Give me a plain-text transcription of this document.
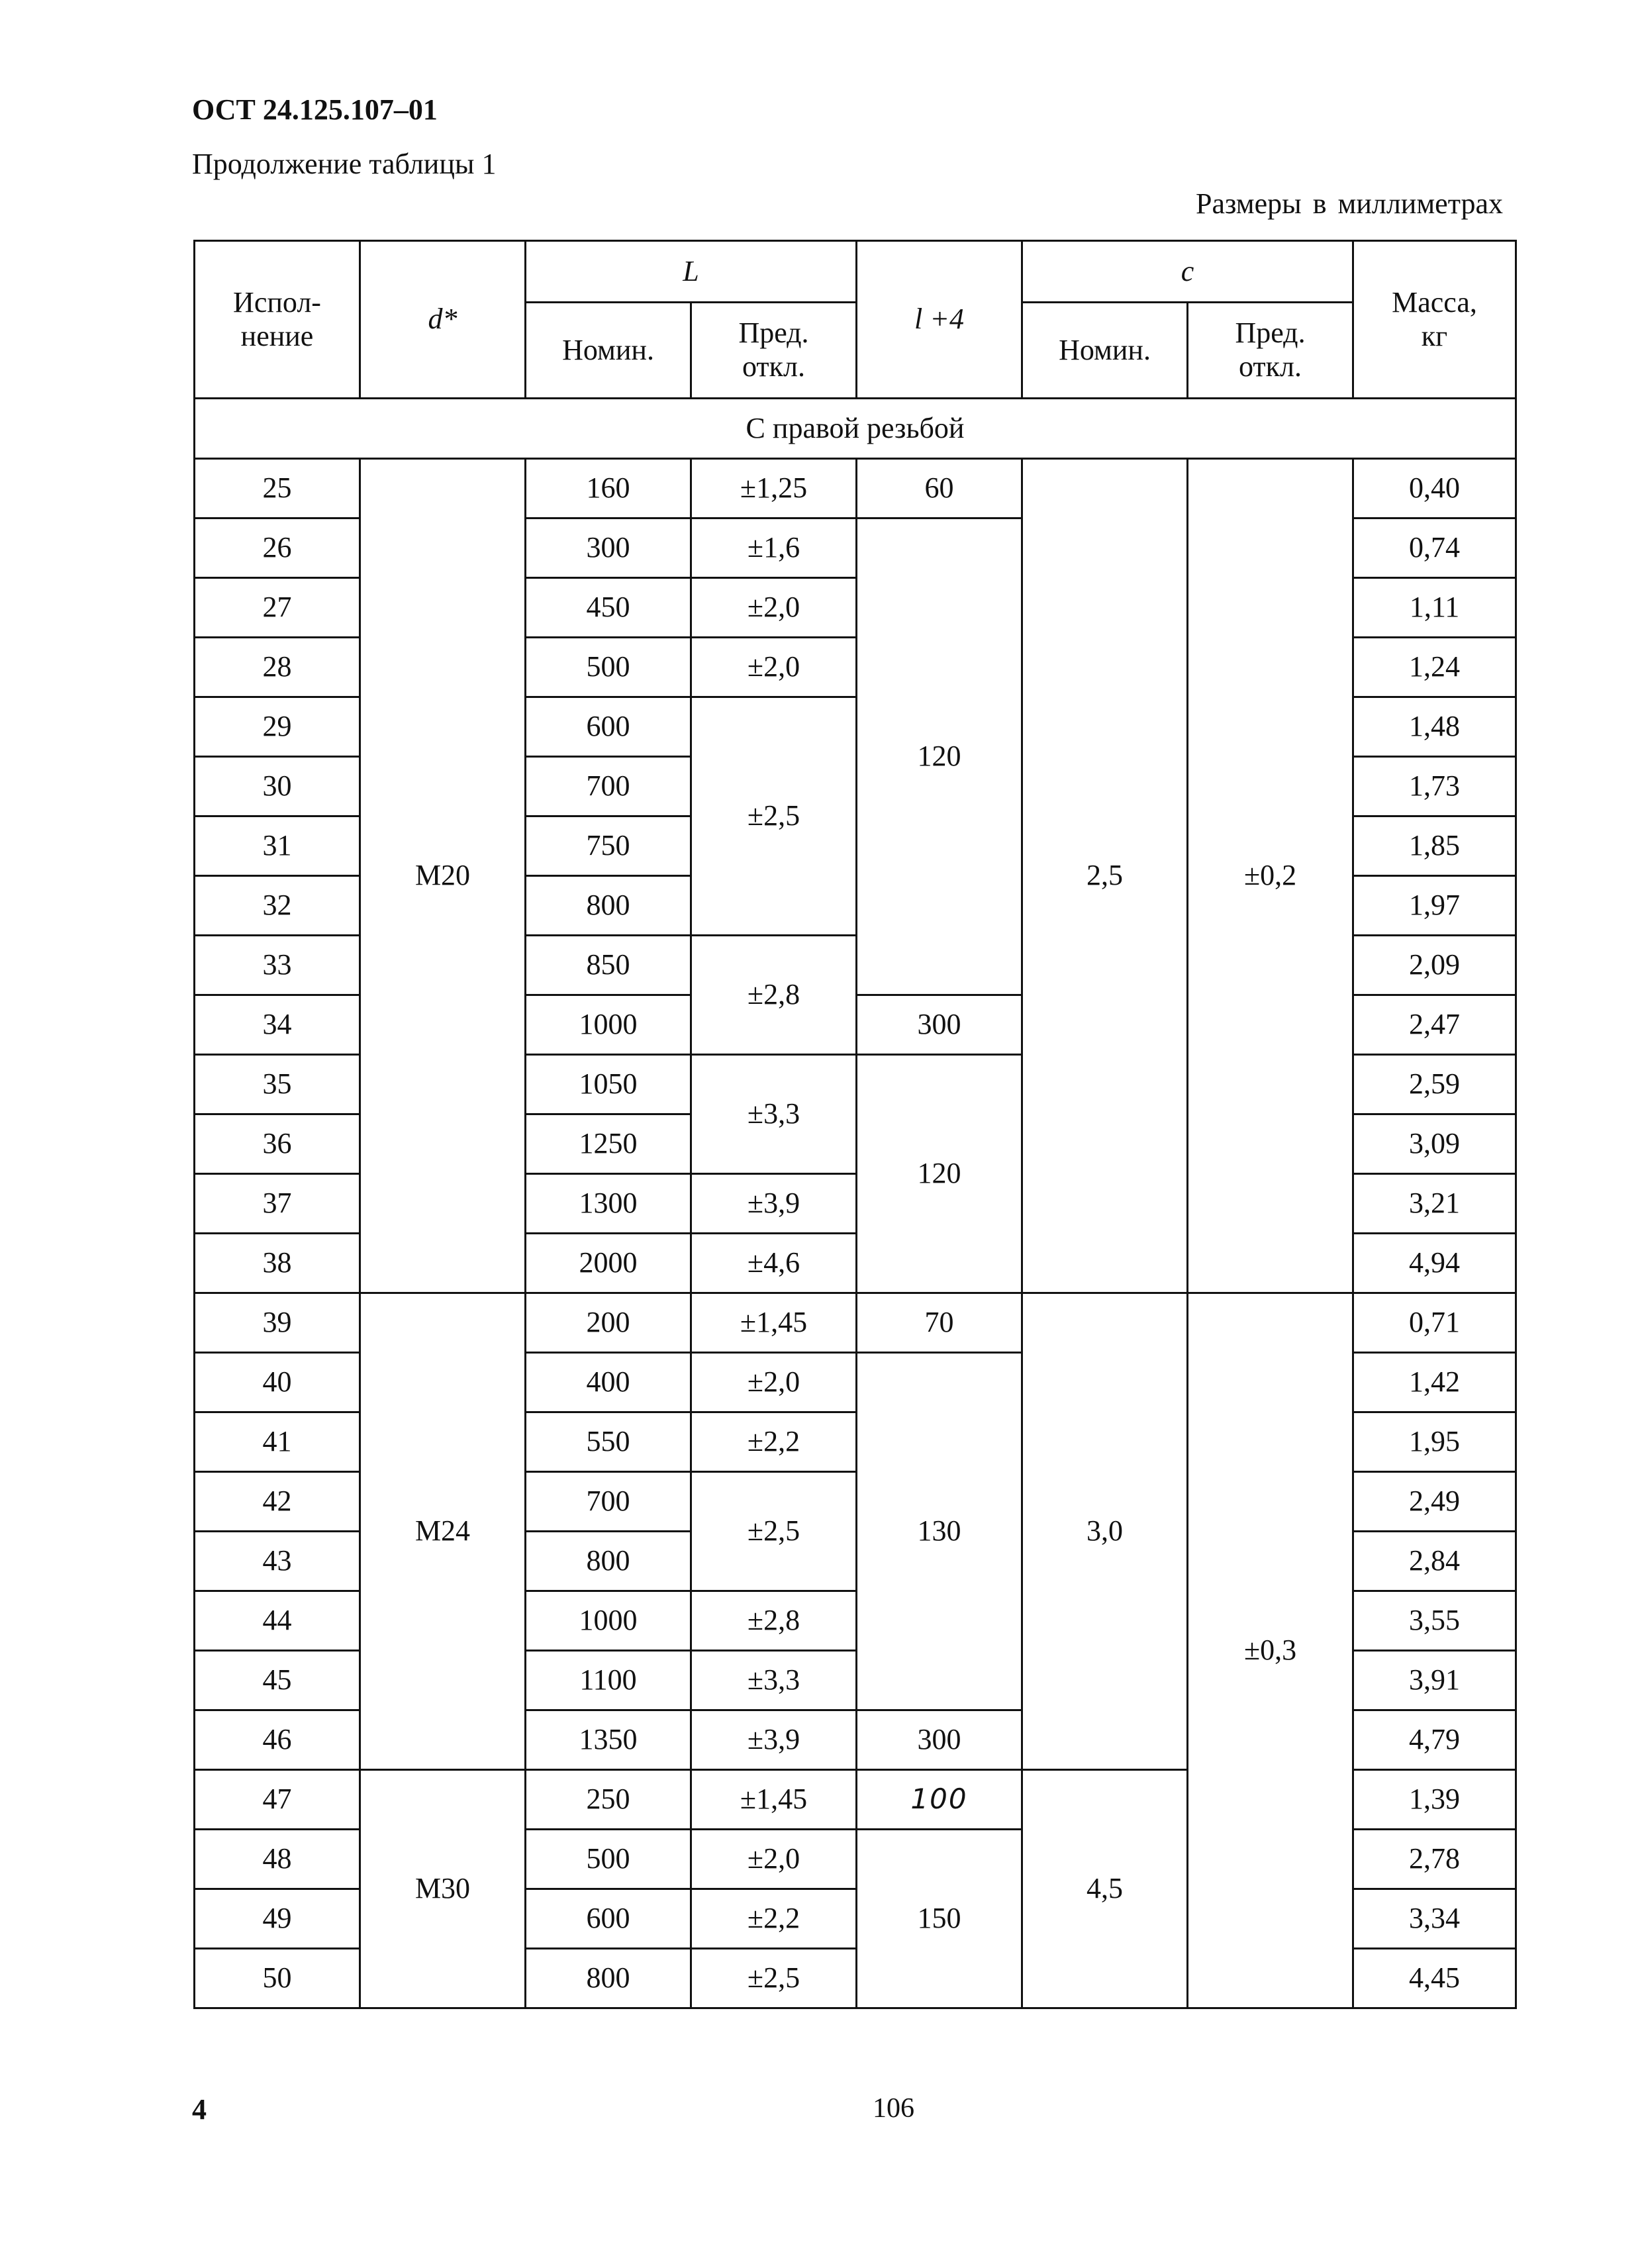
ОСТ 24.125.107–01
Продолжение таблицы 1
Размеры в миллиметрах
Испол-нение	d*	L		l +4	c		Масса, кг
		Номин.	Пред. откл.		Номин.	Пред. откл.	
С правой резьбой							
25	М20	160	±1,25	60	2,5	±0,2	0,40
26		300	±1,6	120			0,74
27		450	±2,0				1,11
28		500	±2,0				1,24
29		600	±2,5				1,48
30		700					1,73
31		750					1,85
32		800					1,97
33		850	±2,8				2,09
34		1000		300			2,47
35		1050	±3,3	120			2,59
36		1250					3,09
37		1300	±3,9				3,21
38		2000	±4,6				4,94
39	М24	200	±1,45	70	3,0	±0,3	0,71
40		400	±2,0	130			1,42
41		550	±2,2				1,95
42		700	±2,5				2,49
43		800					2,84
44		1000	±2,8				3,55
45		1100	±3,3				3,91
46		1350	±3,9	300			4,79
47	М30	250	±1,45	100	4,5		1,39
48		500	±2,0	150			2,78
49		600	±2,2				3,34
50		800	±2,5				4,45
4	106
